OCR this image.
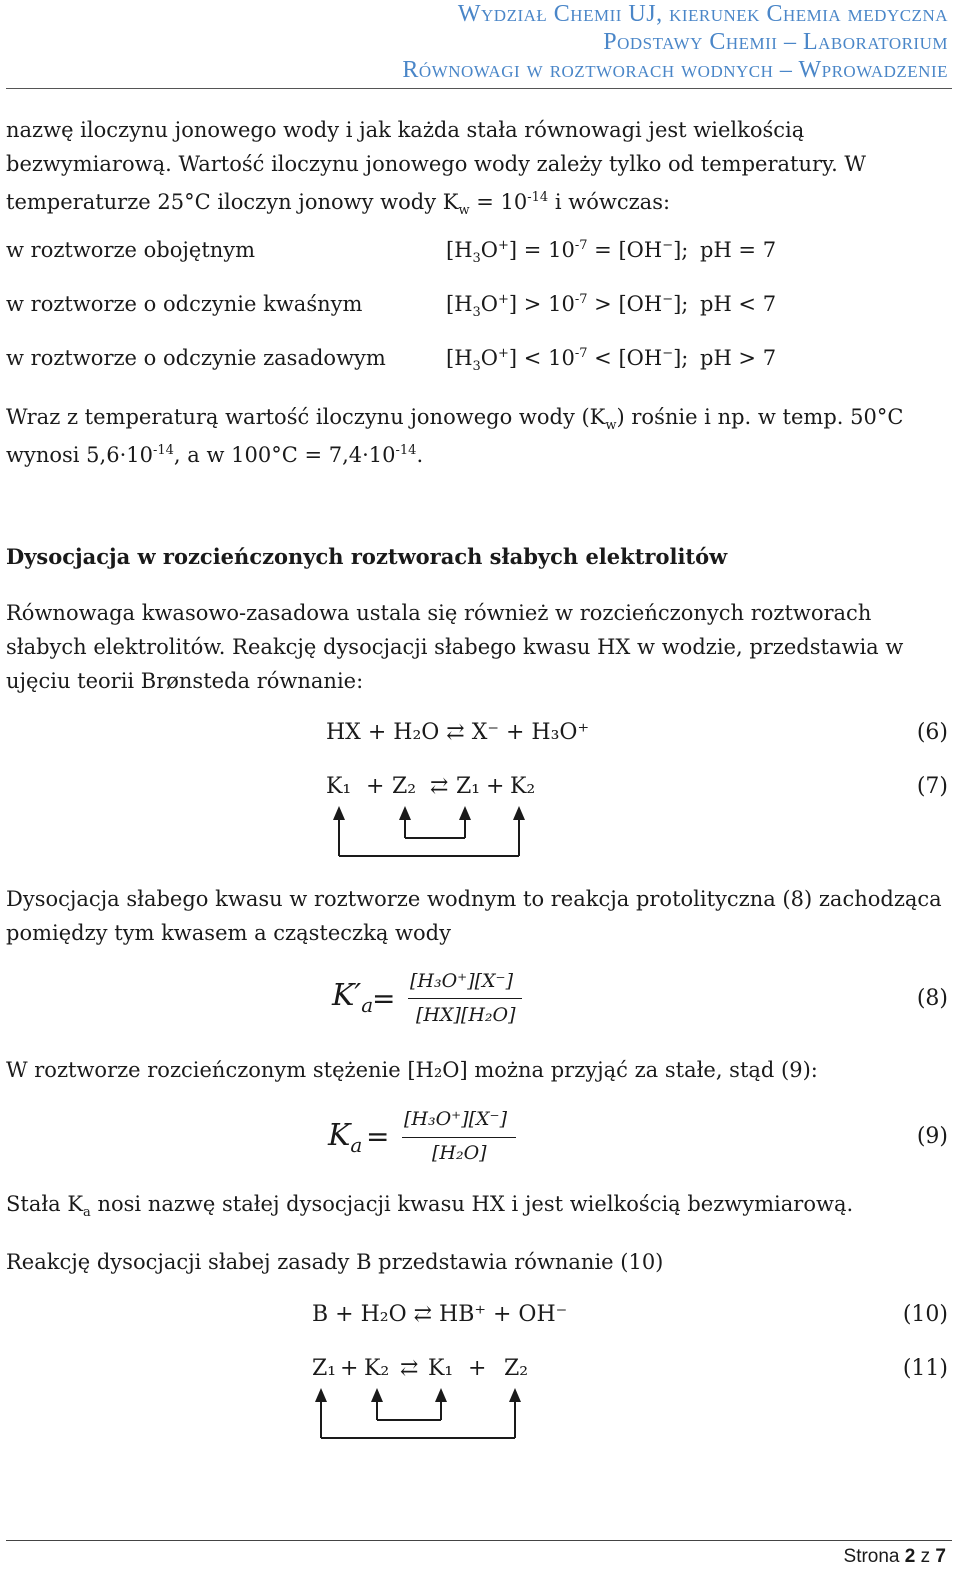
Wydział Chemii UJ, kierunek Chemia medyczna
Podstawy Chemii – Laboratorium
Równowagi w roztworach wodnych – Wprowadzenie
nazwę iloczynu jonowego wody i jak każda stała równowagi jest wielkością
bezwymiarową. Wartość iloczynu jonowego wody zależy tylko od temperatury. W
temperaturze 25°C iloczyn jonowy wody $K_w = 10^{-14}$ i wówczas:
w roztworze obojętnym	$[H_3O^+] = 10^{-7} = [OH^-]$; pH = 7
w roztworze o odczynie kwaśnym	$[H_3O^+] > 10^{-7} > [OH^-]$; pH < 7
w roztworze o odczynie zasadowym	$[H_3O^+] < 10^{-7} < [OH^-]$; pH > 7
Wraz z temperaturą wartość iloczynu jonowego wody $(K_w)$ rośnie i np. w temp. 50°C
wynosi $5,6\cdot 10^{-14}$, a w $100^\circ C = 7,4\cdot 10^{-14}$.
Dysocjacja w rozcieńczonych roztworach słabych elektrolitów
Równowaga kwasowo-zasadowa ustala się również w rozcieńczonych roztworach
słabych elektrolitów. Reakcję dysocjacji słabego kwasu HX w wodzie, przedstawia w
ujęciu teorii Brønsteda równanie:
HX + H₂O ⇄ X⁻ + H₃O⁺	(6)
K₁ + Z₂ ⇄ Z₁ + K₂	(7)
Dysocjacja słabego kwasu w roztworze wodnym to reakcja protolityczna (8) zachodząca
pomiędzy tym kwasem a cząsteczką wody
$K'_a$
=
[H₃O⁺][X⁻]
[HX][H₂O]
(8)
W roztworze rozcieńczonym stężenie [H₂O] można przyjąć za stałe, stąd (9):
$K_a$ =
[H₃O⁺][X⁻]
[H₂O]
(9)
Stała $K_a$ nosi nazwę stałej dysocjacji kwasu HX i jest wielkością bezwymiarową.
Reakcję dysocjacji słabej zasady B przedstawia równanie (10)
B + H₂O ⇄ HB⁺ + OH⁻	(10)
Z₁ + K₂ ⇄ K₁ + Z₂	(11)
Strona 2 z 7
